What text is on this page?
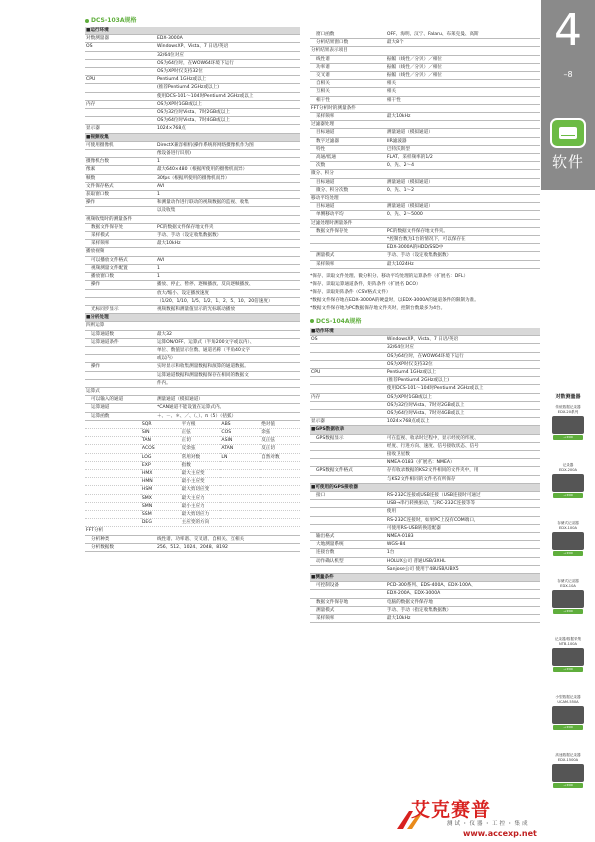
DCS-103A规格
■运行环境	
对数测量器	EDX-3000A
OS	WindowsXP、Vista、7 日语/英语
	32/64位对应
	OS为64位时，在WOW64环境下运行
	OS为XP时仅支持32位
CPU	Pentium4 1GHz或以上
	(推荐Pentium4 2GHz或以上)
	使用DCS-101～104时Pentium4 2GHz或以上
内存	OS为XP时1GB或以上
	OS为32位时Vista、7时2GB或以上
	OS为64位时Vista、7时4GB或以上
显示器	1024×768点
■视频收集	
可使用摄像机	DirectX兼容相机(操作系统将网络摄像机作为图
	像设备进行识别)
摄像机台数	1
像素	最大640×480（根据所使用的摄像机而异）
帧数	30fps（根据所使用的摄像机而异）
文件保存格式	AVI
获取窗口数	1
操作	和测量动作进行联动的视频数据的监视、收集
	以及收集
视频收集时的测量条件	
数据文件保存处	PC的数据文件保存地文件夹
采样模式	手动、手动（设定收集数据数）
采样频率	最大10kHz
播放视频	
可以播放文件格式	AVI
视频测量文件配置	1
播放窗口数	1
操作	播放、停止、暂停、逐帧播放、反向逐帧播放、
	放大/缩小、设定播放速度
	（1/20、1/10、1/5、1/2、1、2、5、10、20倍速度）
光标同步显示	视频数据和测量值显示的光标联动播放
■分析处理	
四则运算	
运算通道数	最大32
运算通道条件	运算ON/OFF、运算式（半角200文字或以内）、
	单位、数值显示位数、通道名称（半角40文字
	或以内）
操作	实时显示和收集测量数据和演算的通道数据。
	运算通道数据和测量数据保存在相同的数据文
	件内。
运算式	
可以输入的通道	测量通道（模拟通道）
运算通道	*CAN通道不能设置在运算式内。
运算函数	＋、－、＊、／、（、）、π（5）（括弧）
	SQR	平方根	ABS	绝对值
	SIN	正弦	COS	余弦
	TAN	正切	ASIN	反正弦
	ACOS	反余弦	ATAN	反正切
	LOG	常用对数	LN	自然对数
	EXP	指数		
	HMX	最大主应变		
	HMN	最小主应变		
	HSM	最大剪切应变		
	SMX	最大主应力		
	SMN	最小主应力		
	SSM	最大剪切应力		
	DEG	主应变的方向		
FFT分析	
分析种类	线性谱、功率谱、交叉谱、自相关、互相关
分析数据数	256、512、1024、2048、8192
窗口函数	OFF、海明、汉宁、Falaru、布莱克曼、高斯
分析结果窗口数	最大8个
分析结果表示项目	
线性谱	振幅（线性／分贝）／相位
功率谱	振幅（线性／分贝）／相位
交叉谱	振幅（线性／分贝）／相位
自相关	相关
互相关	相关
相干性	相干性
FFT分析时的测量条件	
采样频率	最大10kHz
过滤器处理	
目标通道	测量通道（模拟通道）
数字过滤器	IIR滤波器
特性	巴特沃斯型
高通/低通	FLAT、采样频率的1/2
次数	0、先、2～4
微分、积分	
目标通道	测量通道（模拟通道）
微分、积分次数	0、先、1～2
移动平均处理	
目标通道	测量通道（模拟通道）
单侧移动平均	0、先、2～5000
过滤处理时测量条件	
数据文件保存处	PC的数据文件保存地文件夹。
	*控制台数为1台的情况下，可以保存在
	EDX-3000A的HDD/SSD中
测量模式	手动、手动（设定收集数据数）
采样频率	最大1024Hz

*保存、读取文件处理、微分积分、移动平均处理的运算条件（扩展名：DFL）

*保存、读取运算通道条件，矩阵条件（扩展名 DCO）

*保存、读取矩阵条件（CSV格式文件）

*数据文件保存地在EDX-3000A的硬盘时，以EDX-3000A的通道条件的限制为准。

*数据文件保存地为PC数据保存地文件夹时，控制台数最多为4台。

DCS-104A规格
■动作环境	
OS	WindowsXP、Vista、7 日语/英语
	32/64位对应
	OS为64位时，在WOW64环境下运行
	OS为XP时仅支持32位
CPU	Pentium4 1GHz或以上
	(推荐Pentium4 2GHz或以上)
	使用DCS-101～104时Pentium4 2GHz或以上
内存	OS为XP时1GB或以上
	OS为32位时Vista、7时对2GB或以上
	OS为64位时Vista、7时对4GB或以上
显示器	1024×768点或以上
■GPS数据收录	
GPS数据显示	可在监视、收录时过程中，显示经度的纬度、
	经度、行进方向、速度、信号接收状态、信号
	接收卫星数
	NMEA-0183（扩展名：NMEA）
GPS数据文件格式	存有收录数据的KS2文件相同的文件夹中，用
	与KS2文件相同的文件名有所保存
■可使用的GPS接收器	
接口	RS-232C连接或USB连接（USB连接时可通过
	USB→串行转换驱动，与RC-232C连接等等
	使用
	RS-232C连接时，如果PC上没有COM端口，
	可使用RS-USB转换适配器
输出格式	NMEA-0183
大地测量系统	WGS-84
连接台数	1台
动作确认机型	HOLUX公司 普通USB/3XHL
	Sanjose公司 使用于48USB/UBX5
■测量条件	
可控制设备	PCD-300系列、EDS-400A、EDX-100A、
	EDX-200A、EDX-3000A
数据文件保存地	电脑的数据文件保存地
测量模式	手动、手动（指定收集数据数）
采样频率	最大10kHz
4
–8
软件
对数测量器
传统数据记录器
EDX-20系列
→ P.00
记录器
EDX-200A
→ P.00
存储式记录器
EDX-100A
→ P.00
存储式记录器
EDX-10A
→ P.00
记录器/数据采集
NTB-100A
→ P.00
小型数据记录器
UCAM-550A
→ P.00
高速数据记录器
EDX-1500A
→ P.00
艾克赛普
测试・仪器・工控・集成
www.accexp.net
